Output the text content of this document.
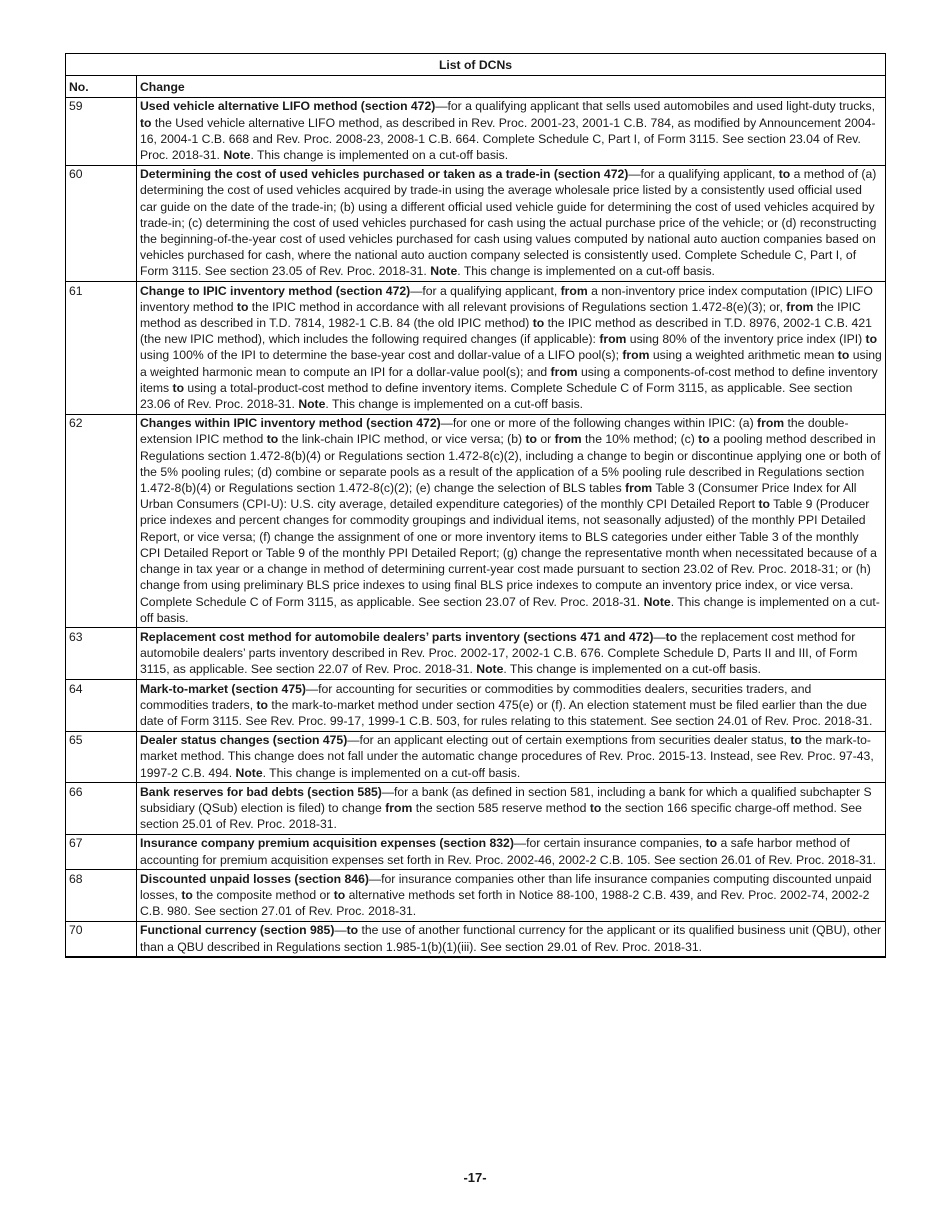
List of DCNs	
No.	Change
59	Used vehicle alternative LIFO method (section 472)—for a qualifying applicant that sells used automobiles and used light-duty trucks, to the Used vehicle alternative LIFO method, as described in Rev. Proc. 2001-23, 2001-1 C.B. 784, as modified by Announcement 2004-16, 2004-1 C.B. 668 and Rev. Proc. 2008-23, 2008-1 C.B. 664. Complete Schedule C, Part I, of Form 3115. See section 23.04 of Rev. Proc. 2018-31. Note. This change is implemented on a cut-off basis.
60	Determining the cost of used vehicles purchased or taken as a trade-in (section 472)—for a qualifying applicant, to a method of (a) determining the cost of used vehicles acquired by trade-in using the average wholesale price listed by a consistently used official used car guide on the date of the trade-in; (b) using a different official used vehicle guide for determining the cost of used vehicles acquired by trade-in; (c) determining the cost of used vehicles purchased for cash using the actual purchase price of the vehicle; or (d) reconstructing the beginning-of-the-year cost of used vehicles purchased for cash using values computed by national auto auction companies based on vehicles purchased for cash, where the national auto auction company selected is consistently used. Complete Schedule C, Part I, of Form 3115. See section 23.05 of Rev. Proc. 2018-31. Note. This change is implemented on a cut-off basis.
61	Change to IPIC inventory method (section 472)—for a qualifying applicant, from a non-inventory price index computation (IPIC) LIFO inventory method to the IPIC method in accordance with all relevant provisions of Regulations section 1.472-8(e)(3); or, from the IPIC method as described in T.D. 7814, 1982-1 C.B. 84 (the old IPIC method) to the IPIC method as described in T.D. 8976, 2002-1 C.B. 421 (the new IPIC method), which includes the following required changes (if applicable): from using 80% of the inventory price index (IPI) to using 100% of the IPI to determine the base-year cost and dollar-value of a LIFO pool(s); from using a weighted arithmetic mean to using a weighted harmonic mean to compute an IPI for a dollar-value pool(s); and from using a components-of-cost method to define inventory items to using a total-product-cost method to define inventory items. Complete Schedule C of Form 3115, as applicable. See section 23.06 of Rev. Proc. 2018-31. Note. This change is implemented on a cut-off basis.
62	Changes within IPIC inventory method (section 472)—for one or more of the following changes within IPIC: (a) from the double-extension IPIC method to the link-chain IPIC method, or vice versa; (b) to or from the 10% method; (c) to a pooling method described in Regulations section 1.472-8(b)(4) or Regulations section 1.472-8(c)(2), including a change to begin or discontinue applying one or both of the 5% pooling rules; (d) combine or separate pools as a result of the application of a 5% pooling rule described in Regulations section 1.472-8(b)(4) or Regulations section 1.472-8(c)(2); (e) change the selection of BLS tables from Table 3 (Consumer Price Index for All Urban Consumers (CPI-U): U.S. city average, detailed expenditure categories) of the monthly CPI Detailed Report to Table 9 (Producer price indexes and percent changes for commodity groupings and individual items, not seasonally adjusted) of the monthly PPI Detailed Report, or vice versa; (f) change the assignment of one or more inventory items to BLS categories under either Table 3 of the monthly CPI Detailed Report or Table 9 of the monthly PPI Detailed Report; (g) change the representative month when necessitated because of a change in tax year or a change in method of determining current-year cost made pursuant to section 23.02 of Rev. Proc. 2018-31; or (h) change from using preliminary BLS price indexes to using final BLS price indexes to compute an inventory price index, or vice versa. Complete Schedule C of Form 3115, as applicable. See section 23.07 of Rev. Proc. 2018-31. Note. This change is implemented on a cut-off basis.
63	Replacement cost method for automobile dealers’ parts inventory (sections 471 and 472)—to the replacement cost method for automobile dealers’ parts inventory described in Rev. Proc. 2002-17, 2002-1 C.B. 676. Complete Schedule D, Parts II and III, of Form 3115, as applicable. See section 22.07 of Rev. Proc. 2018-31. Note. This change is implemented on a cut-off basis.
64	Mark-to-market (section 475)—for accounting for securities or commodities by commodities dealers, securities traders, and commodities traders, to the mark-to-market method under section 475(e) or (f). An election statement must be filed earlier than the due date of Form 3115. See Rev. Proc. 99-17, 1999-1 C.B. 503, for rules relating to this statement. See section 24.01 of Rev. Proc. 2018-31.
65	Dealer status changes (section 475)—for an applicant electing out of certain exemptions from securities dealer status, to the mark-to-market method. This change does not fall under the automatic change procedures of Rev. Proc. 2015-13. Instead, see Rev. Proc. 97-43, 1997-2 C.B. 494. Note. This change is implemented on a cut-off basis.
66	Bank reserves for bad debts (section 585)—for a bank (as defined in section 581, including a bank for which a qualified subchapter S subsidiary (QSub) election is filed) to change from the section 585 reserve method to the section 166 specific charge-off method. See section 25.01 of Rev. Proc. 2018-31.
67	Insurance company premium acquisition expenses (section 832)—for certain insurance companies, to a safe harbor method of accounting for premium acquisition expenses set forth in Rev. Proc. 2002-46, 2002-2 C.B. 105. See section 26.01 of Rev. Proc. 2018-31.
68	Discounted unpaid losses (section 846)—for insurance companies other than life insurance companies computing discounted unpaid losses, to the composite method or to alternative methods set forth in Notice 88-100, 1988-2 C.B. 439, and Rev. Proc. 2002-74, 2002-2 C.B. 980. See section 27.01 of Rev. Proc. 2018-31.
70	Functional currency (section 985)—to the use of another functional currency for the applicant or its qualified business unit (QBU), other than a QBU described in Regulations section 1.985-1(b)(1)(iii). See section 29.01 of Rev. Proc. 2018-31.
-17-
